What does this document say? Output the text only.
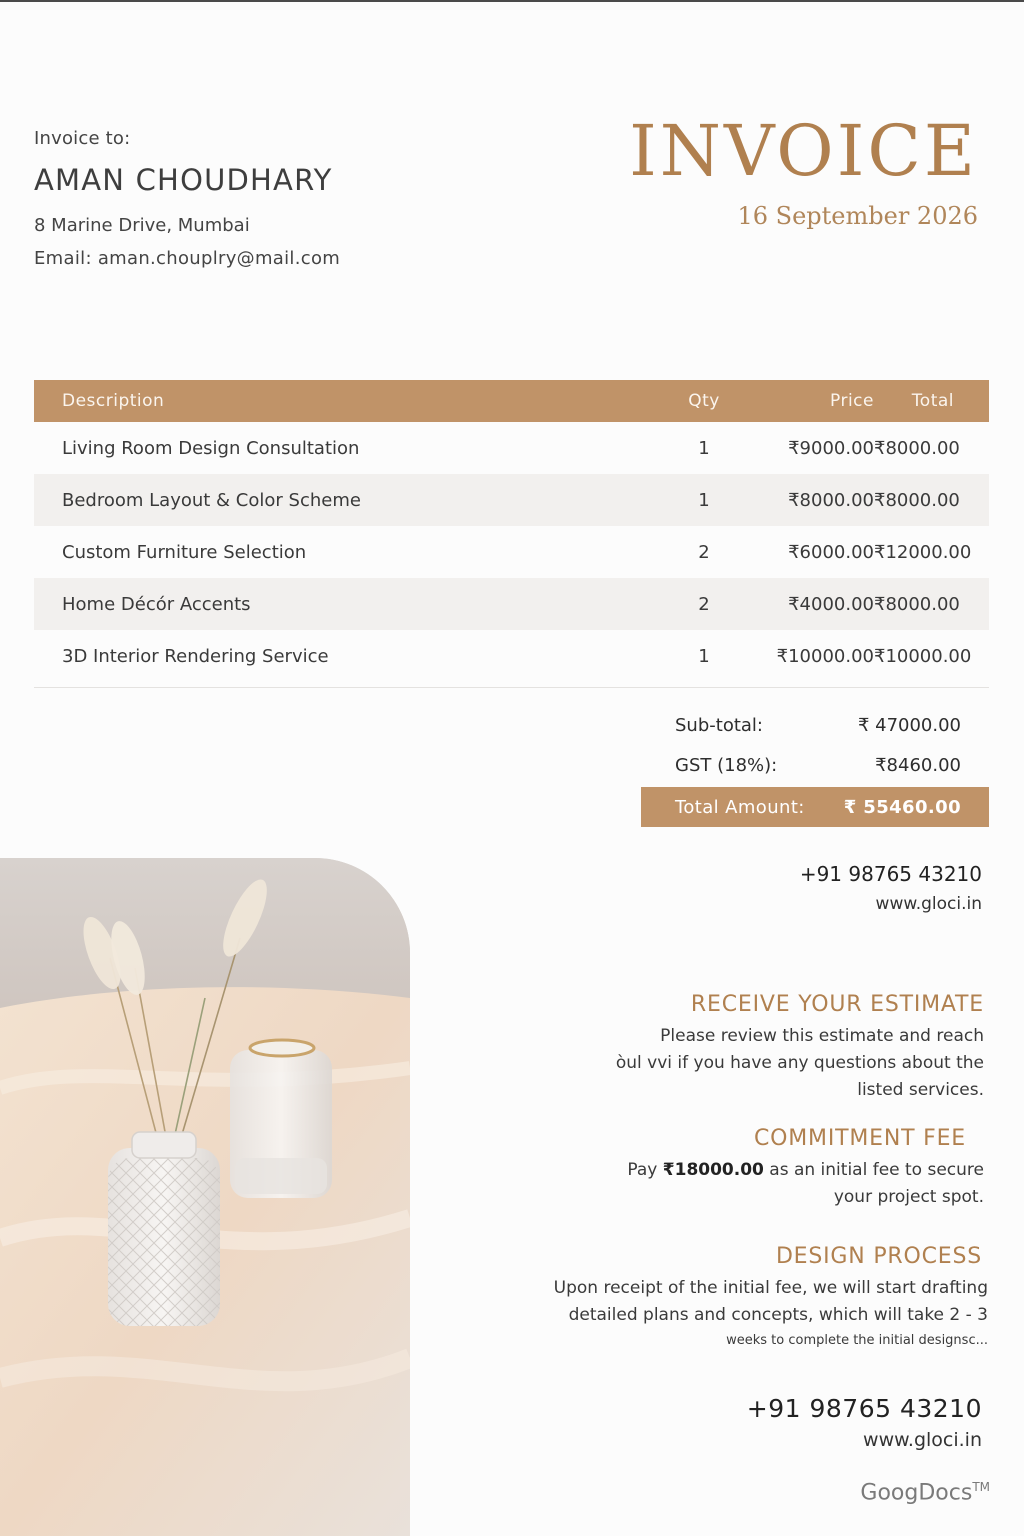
Invoice to:
AMAN CHOUDHARY
8 Marine Drive, Mumbai
Email: aman.chouplry@mail.com
INVOICE
16 September 2026
Description	Qty	Price	Total
Living Room Design Consultation	1	₹9000.00 ₹8000.00
Bedroom Layout & Color Scheme	1	₹8000.00 ₹8000.00
Custom Furniture Selection	2	₹6000.00 ₹12000.00
Home Décór Accents	2	₹4000.00 ₹8000.00
3D Interior Rendering Service	1	₹10000.00 ₹10000.00
Sub-total:	₹ 47000.00
GST (18%):	₹8460.00
Total Amount: ₹ 55460.00
+91 98765 43210
www.gloci.in
RECEIVE YOUR ESTIMATE

Please review this estimate and reach

òul vvi if you have any questions about the

listed services.

COMMITMENT FEE

Pay ₹18000.00 as an initial fee to secure

your project spot.

DESIGN PROCESS

Upon receipt of the initial fee, we will start drafting

detailed plans and concepts, which will take 2 - 3

weeks to complete the initial designsc...

+91 98765 43210
www.gloci.in
GoogDocs™
